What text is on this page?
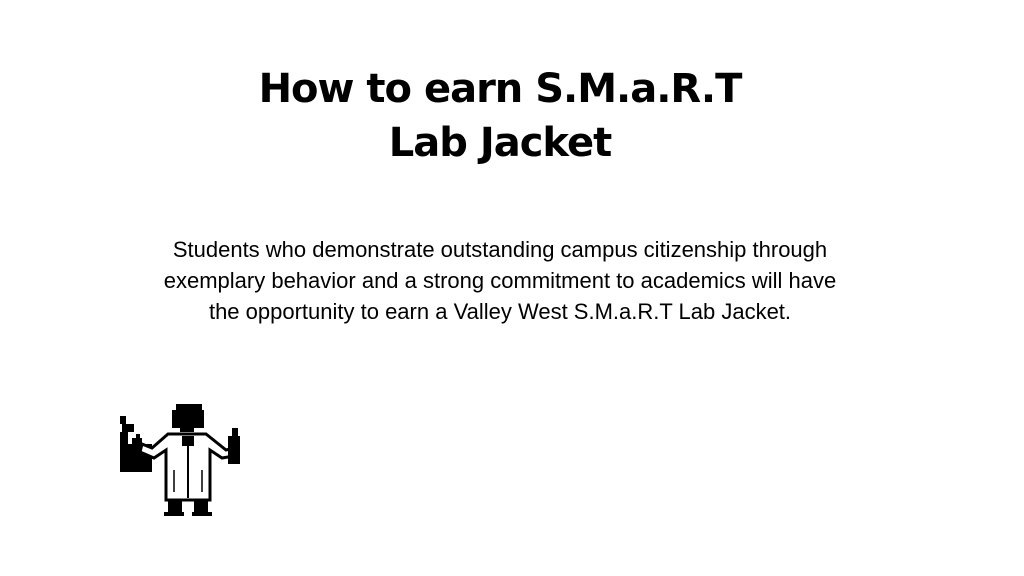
How to earn S.M.a.R.T
Lab Jacket
Students who demonstrate outstanding campus citizenship through exemplary behavior and a strong commitment to academics will have the opportunity to earn a Valley West S.M.a.R.T Lab Jacket.
